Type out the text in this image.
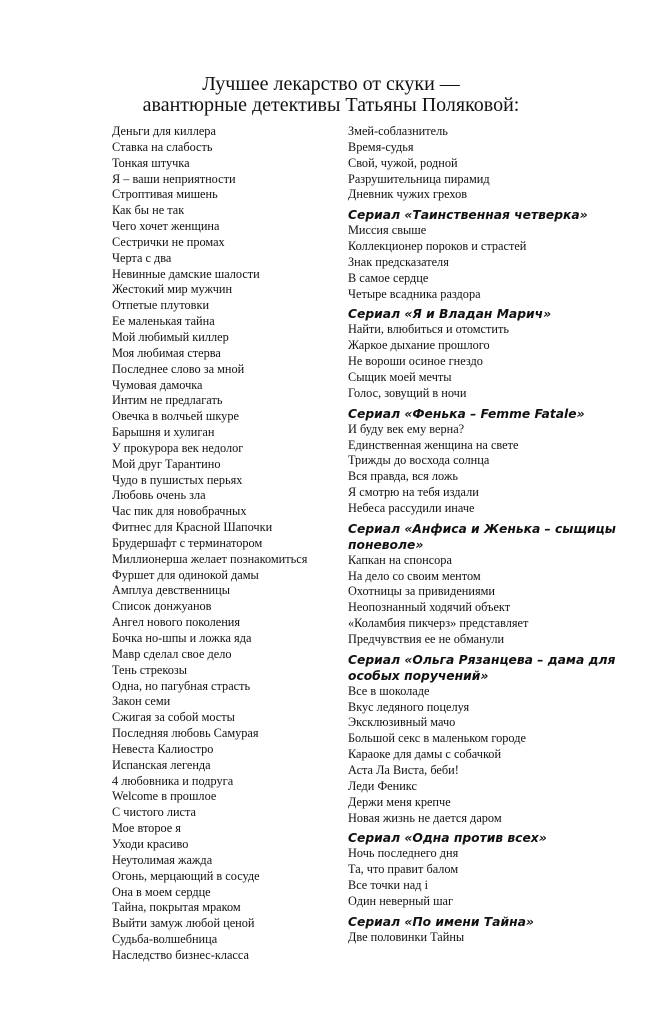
Лучшее лекарство от скуки —
авантюрные детективы Татьяны Поляковой:
Деньги для киллера
Ставка на слабость
Тонкая штучка
Я – ваши неприятности
Строптивая мишень
Как бы не так
Чего хочет женщина
Сестрички не промах
Черта с два
Невинные дамские шалости
Жестокий мир мужчин
Отпетые плутовки
Ее маленькая тайна
Мой любимый киллер
Моя любимая стерва
Последнее слово за мной
Чумовая дамочка
Интим не предлагать
Овечка в волчьей шкуре
Барышня и хулиган
У прокурора век недолог
Мой друг Тарантино
Чудо в пушистых перьях
Любовь очень зла
Час пик для новобрачных
Фитнес для Красной Шапочки
Брудершафт с терминатором
Миллионерша желает познакомиться
Фуршет для одинокой дамы
Амплуа девственницы
Список донжуанов
Ангел нового поколения
Бочка но-шпы и ложка яда
Мавр сделал свое дело
Тень стрекозы
Одна, но пагубная страсть
Закон семи
Сжигая за собой мосты
Последняя любовь Самурая
Невеста Калиостро
Испанская легенда
4 любовника и подруга
Welcome в прошлое
С чистого листа
Мое второе я
Уходи красиво
Неутолимая жажда
Огонь, мерцающий в сосуде
Она в моем сердце
Тайна, покрытая мраком
Выйти замуж любой ценой
Судьба-волшебница
Наследство бизнес-класса
Змей-соблазнитель
Время-судья
Свой, чужой, родной
Разрушительница пирамид
Дневник чужих грехов
Сериал «Таинственная четверка»
Миссия свыше
Коллекционер пороков и страстей
Знак предсказателя
В самое сердце
Четыре всадника раздора
Сериал «Я и Владан Марич»
Найти, влюбиться и отомстить
Жаркое дыхание прошлого
Не вороши осиное гнездо
Сыщик моей мечты
Голос, зовущий в ночи
Сериал «Фенька – Femme Fatale»
И буду век ему верна?
Единственная женщина на свете
Трижды до восхода солнца
Вся правда, вся ложь
Я смотрю на тебя издали
Небеса рассудили иначе
Сериал «Анфиса и Женька – сыщицы поневоле»
Капкан на спонсора
На дело со своим ментом
Охотницы за привидениями
Неопознанный ходячий объект
«Коламбия пикчерз» представляет
Предчувствия ее не обманули
Сериал «Ольга Рязанцева – дама для особых поручений»
Все в шоколаде
Вкус ледяного поцелуя
Эксклюзивный мачо
Большой секс в маленьком городе
Караоке для дамы с собачкой
Аста Ла Виста, беби!
Леди Феникс
Держи меня крепче
Новая жизнь не дается даром
Сериал «Одна против всех»
Ночь последнего дня
Та, что правит балом
Все точки над i
Один неверный шаг
Сериал «По имени Тайна»
Две половинки Тайны
